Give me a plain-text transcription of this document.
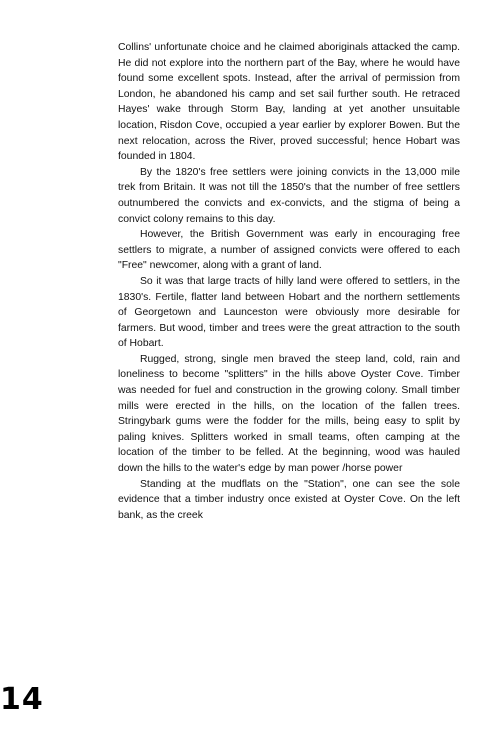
Collins' unfortunate choice and he claimed aboriginals attacked the camp. He did not explore into the northern part of the Bay, where he would have found some excellent spots. Instead, after the arrival of permission from London, he abandoned his camp and set sail further south. He retraced Hayes' wake through Storm Bay, landing at yet another unsuitable location, Risdon Cove, occupied a year earlier by explorer Bowen. But the next relocation, across the River, proved successful; hence Hobart was founded in 1804.

By the 1820's free settlers were joining convicts in the 13,000 mile trek from Britain. It was not till the 1850's that the number of free settlers outnumbered the convicts and ex-convicts, and the stigma of being a convict colony remains to this day.

However, the British Government was early in encouraging free settlers to migrate, a number of assigned convicts were offered to each "Free" newcomer, along with a grant of land.

So it was that large tracts of hilly land were offered to settlers, in the 1830's. Fertile, flatter land between Hobart and the northern settlements of Georgetown and Launceston were obviously more desirable for farmers. But wood, timber and trees were the great attraction to the south of Hobart.

Rugged, strong, single men braved the steep land, cold, rain and loneliness to become "splitters" in the hills above Oyster Cove. Timber was needed for fuel and construction in the growing colony. Small timber mills were erected in the hills, on the location of the fallen trees. Stringybark gums were the fodder for the mills, being easy to split by paling knives. Splitters worked in small teams, often camping at the location of the timber to be felled. At the beginning, wood was hauled down the hills to the water's edge by man power /horse power

Standing at the mudflats on the "Station", one can see the sole evidence that a timber industry once existed at Oyster Cove. On the left bank, as the creek

14
